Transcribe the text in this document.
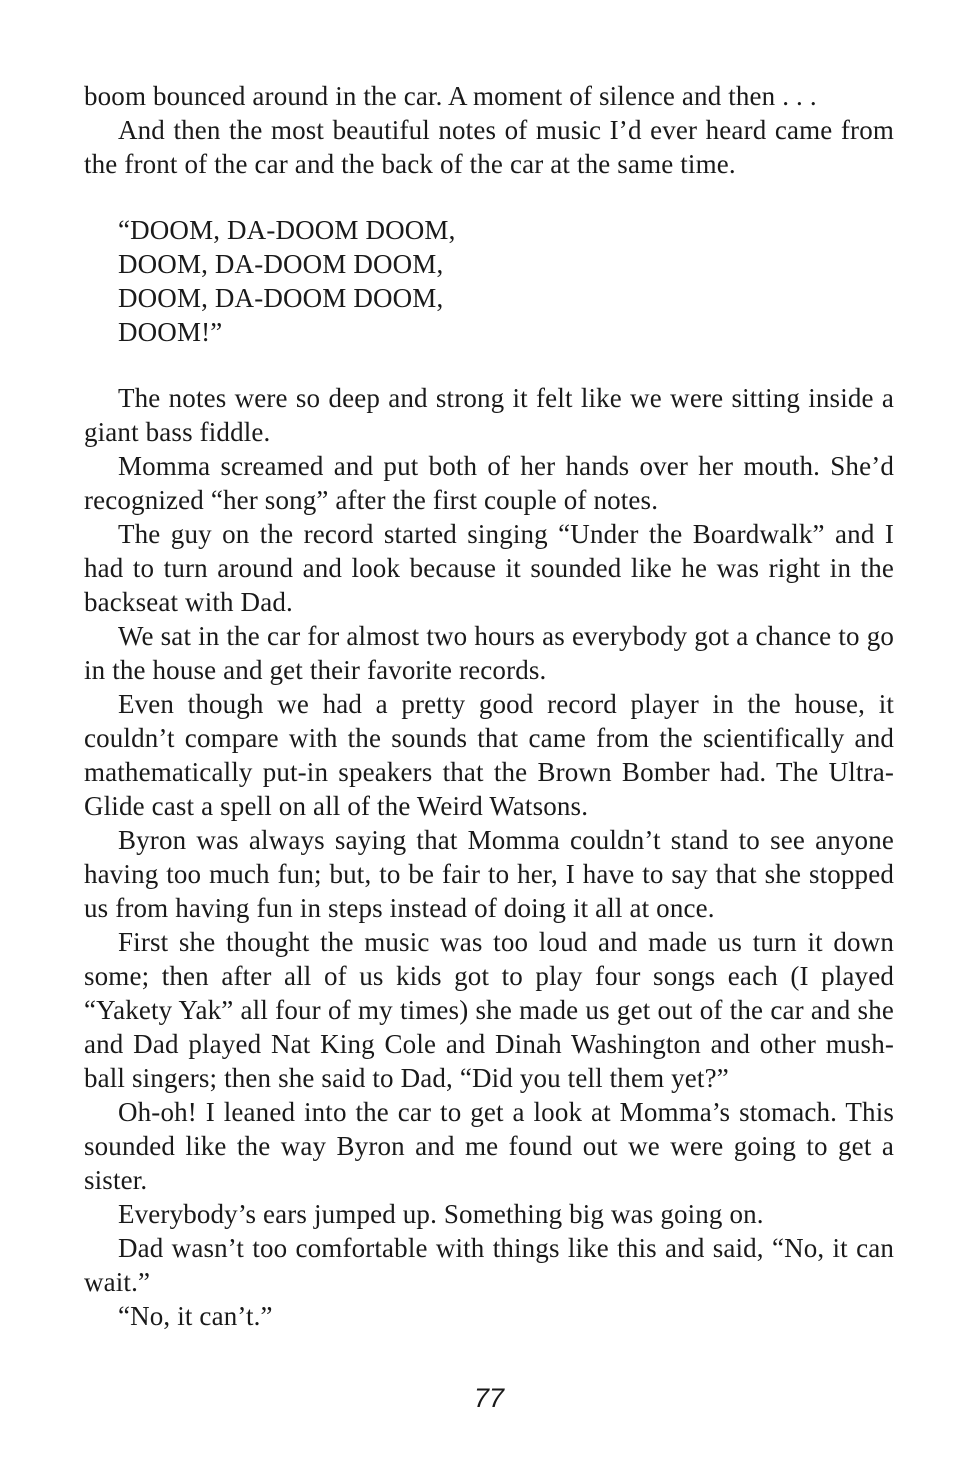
boom bounced around in the car. A moment of silence and then . . .

And then the most beautiful notes of music I’d ever heard came from the front of the car and the back of the car at the same time.

“DOOM, DA-DOOM DOOM,
DOOM, DA-DOOM DOOM,
DOOM, DA-DOOM DOOM,
DOOM!”

The notes were so deep and strong it felt like we were sitting inside a giant bass fiddle.

Momma screamed and put both of her hands over her mouth. She’d recognized “her song” after the first couple of notes.

The guy on the record started singing “Under the Boardwalk” and I had to turn around and look because it sounded like he was right in the backseat with Dad.

We sat in the car for almost two hours as everybody got a chance to go in the house and get their favorite records.

Even though we had a pretty good record player in the house, it couldn’t compare with the sounds that came from the scientifically and mathematically put-in speakers that the Brown Bomber had. The Ultra-Glide cast a spell on all of the Weird Watsons.

Byron was always saying that Momma couldn’t stand to see anyone having too much fun; but, to be fair to her, I have to say that she stopped us from having fun in steps instead of doing it all at once.

First she thought the music was too loud and made us turn it down some; then after all of us kids got to play four songs each (I played “Yakety Yak” all four of my times) she made us get out of the car and she and Dad played Nat King Cole and Dinah Washington and other mush-ball singers; then she said to Dad, “Did you tell them yet?”

Oh-oh! I leaned into the car to get a look at Momma’s stomach. This sounded like the way Byron and me found out we were going to get a sister.

Everybody’s ears jumped up. Something big was going on.

Dad wasn’t too comfortable with things like this and said, “No, it can wait.”

“No, it can’t.”

77
